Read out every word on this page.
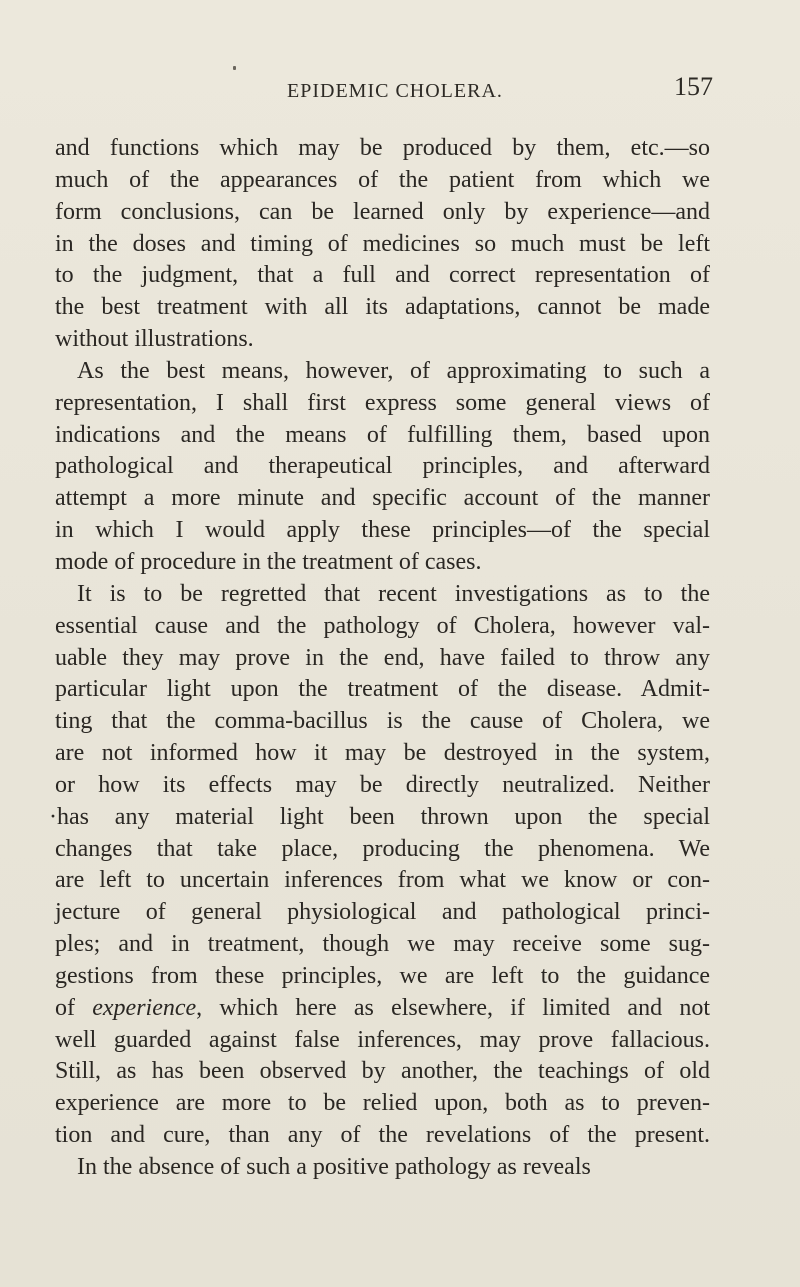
EPIDEMIC CHOLERA.	157
and functions which may be produced by them, etc.—so
much of the appearances of the patient from which we
form conclusions, can be learned only by experience—and
in the doses and timing of medicines so much must be left
to the judgment, that a full and correct representation of
the best treatment with all its adaptations, cannot be made
without illustrations.
As the best means, however, of approximating to such a
representation, I shall first express some general views of
indications and the means of fulfilling them, based upon
pathological and therapeutical principles, and afterward
attempt a more minute and specific account of the manner
in which I would apply these principles—of the special
mode of procedure in the treatment of cases.
It is to be regretted that recent investigations as to the
essential cause and the pathology of Cholera, however val-
uable they may prove in the end, have failed to throw any
particular light upon the treatment of the disease. Admit-
ting that the comma-bacillus is the cause of Cholera, we
are not informed how it may be destroyed in the system,
or how its effects may be directly neutralized. Neither
·has any material light been thrown upon the special
changes that take place, producing the phenomena. We
are left to uncertain inferences from what we know or con-
jecture of general physiological and pathological princi-
ples; and in treatment, though we may receive some sug-
gestions from these principles, we are left to the guidance
of experience, which here as elsewhere, if limited and not
well guarded against false inferences, may prove fallacious.
Still, as has been observed by another, the teachings of old
experience are more to be relied upon, both as to preven-
tion and cure, than any of the revelations of the present.
In the absence of such a positive pathology as reveals
